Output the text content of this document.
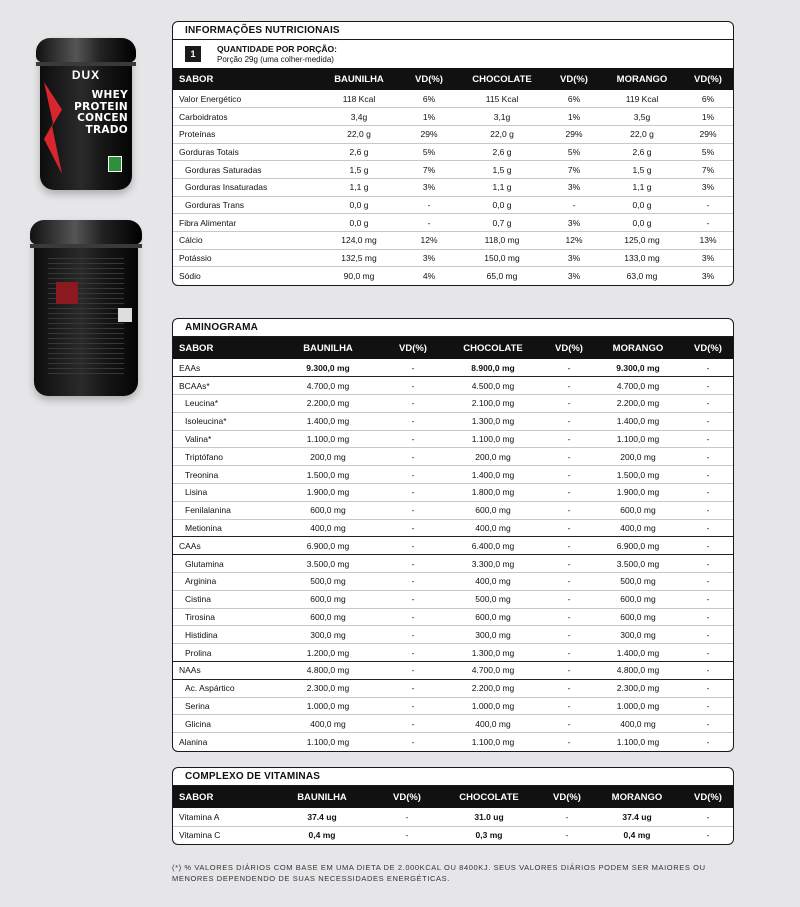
DUX
WHEY
PROTEIN
CONCEN
TRADO
INFORMAÇÕES NUTRICIONAIS
1	QUANTIDADE POR PORÇÃO:
Porção 29g (uma colher-medida)
SABOR	BAUNILHA	VD(%)	CHOCOLATE	VD(%)	MORANGO	VD(%)
Valor Energético	118 Kcal	6%	115 Kcal	6%	119 Kcal	6%
Carboidratos	3,4g	1%	3,1g	1%	3,5g	1%
Proteínas	22,0 g	29%	22,0 g	29%	22,0 g	29%
Gorduras Totais	2,6 g	5%	2,6 g	5%	2,6 g	5%
Gorduras Saturadas	1,5 g	7%	1,5 g	7%	1,5 g	7%
Gorduras Insaturadas	1,1 g	3%	1,1 g	3%	1,1 g	3%
Gorduras Trans	0,0 g	-	0,0 g	-	0,0 g	-
Fibra Alimentar	0,0 g	-	0,7 g	3%	0,0 g	-
Cálcio	124,0 mg	12%	118,0 mg	12%	125,0 mg	13%
Potássio	132,5 mg	3%	150,0 mg	3%	133,0 mg	3%
Sódio	90,0 mg	4%	65,0 mg	3%	63,0 mg	3%
AMINOGRAMA
SABOR	BAUNILHA	VD(%)	CHOCOLATE	VD(%)	MORANGO	VD(%)
EAAs	9.300,0 mg	-	8.900,0 mg	-	9.300,0 mg	-
BCAAs*	4.700,0 mg	-	4.500,0 mg	-	4.700,0 mg	-
Leucina*	2.200,0 mg	-	2.100,0 mg	-	2.200,0 mg	-
Isoleucina*	1.400,0 mg	-	1.300,0 mg	-	1.400,0 mg	-
Valina*	1.100,0 mg	-	1.100,0 mg	-	1.100,0 mg	-
Triptófano	200,0 mg	-	200,0 mg	-	200,0 mg	-
Treonina	1.500,0 mg	-	1.400,0 mg	-	1.500,0 mg	-
Lisina	1.900,0 mg	-	1.800,0 mg	-	1.900,0 mg	-
Fenilalanina	600,0 mg	-	600,0 mg	-	600,0 mg	-
Metionina	400,0 mg	-	400,0 mg	-	400,0 mg	-
CAAs	6.900,0 mg	-	6.400,0 mg	-	6.900,0 mg	-
Glutamina	3.500,0 mg	-	3.300,0 mg	-	3.500,0 mg	-
Arginina	500,0 mg	-	400,0 mg	-	500,0 mg	-
Cistina	600,0 mg	-	500,0 mg	-	600,0 mg	-
Tirosina	600,0 mg	-	600,0 mg	-	600,0 mg	-
Histidina	300,0 mg	-	300,0 mg	-	300,0 mg	-
Prolina	1.200,0 mg	-	1.300,0 mg	-	1.400,0 mg	-
NAAs	4.800,0 mg	-	4.700,0 mg	-	4.800,0 mg	-
Ac. Aspártico	2.300,0 mg	-	2.200,0 mg	-	2.300,0 mg	-
Serina	1.000,0 mg	-	1.000,0 mg	-	1.000,0 mg	-
Glicina	400,0 mg	-	400,0 mg	-	400,0 mg	-
Alanina	1.100,0 mg	-	1.100,0 mg	-	1.100,0 mg	-
COMPLEXO DE VITAMINAS
SABOR	BAUNILHA	VD(%)	CHOCOLATE	VD(%)	MORANGO	VD(%)
Vitamina A	37.4 ug	-	31.0 ug	-	37.4 ug	-
Vitamina C	0,4 mg	-	0,3 mg	-	0,4 mg	-
(*) % VALORES DIÁRIOS COM BASE EM UMA DIETA DE 2.000KCAL OU 8400KJ. SEUS VALORES DIÁRIOS PODEM SER MAIORES OU MENORES DEPENDENDO DE SUAS NECESSIDADES ENERGÉTICAS.
